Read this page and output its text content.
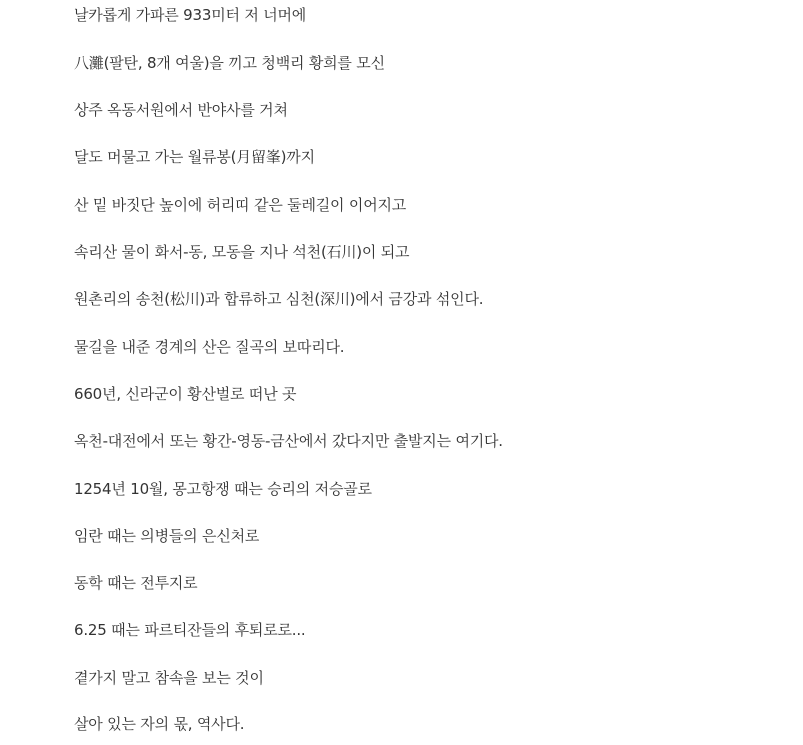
날카롭게 가파른 933미터 저 너머에

八灘(팔탄, 8개 여울)을 끼고 청백리 황희를 모신

상주 옥동서원에서 반야사를 거쳐

달도 머물고 가는 월류봉(月留峯)까지

산 밑 바짓단 높이에 허리띠 같은 둘레길이 이어지고

속리산 물이 화서-동, 모동을 지나 석천(石川)이 되고

원촌리의 송천(松川)과 합류하고 심천(深川)에서 금강과 섞인다.

물길을 내준 경계의 산은 질곡의 보따리다.

660년, 신라군이 황산벌로 떠난 곳

옥천-대전에서 또는 황간-영동-금산에서 갔다지만 출발지는 여기다.

1254년 10월, 몽고항쟁 때는 승리의 저승골로

임란 때는 의병들의 은신처로

동학 때는 전투지로

6.25 때는 파르티잔들의 후퇴로로...

곁가지 말고 참속을 보는 것이

살아 있는 자의 몫, 역사다.
